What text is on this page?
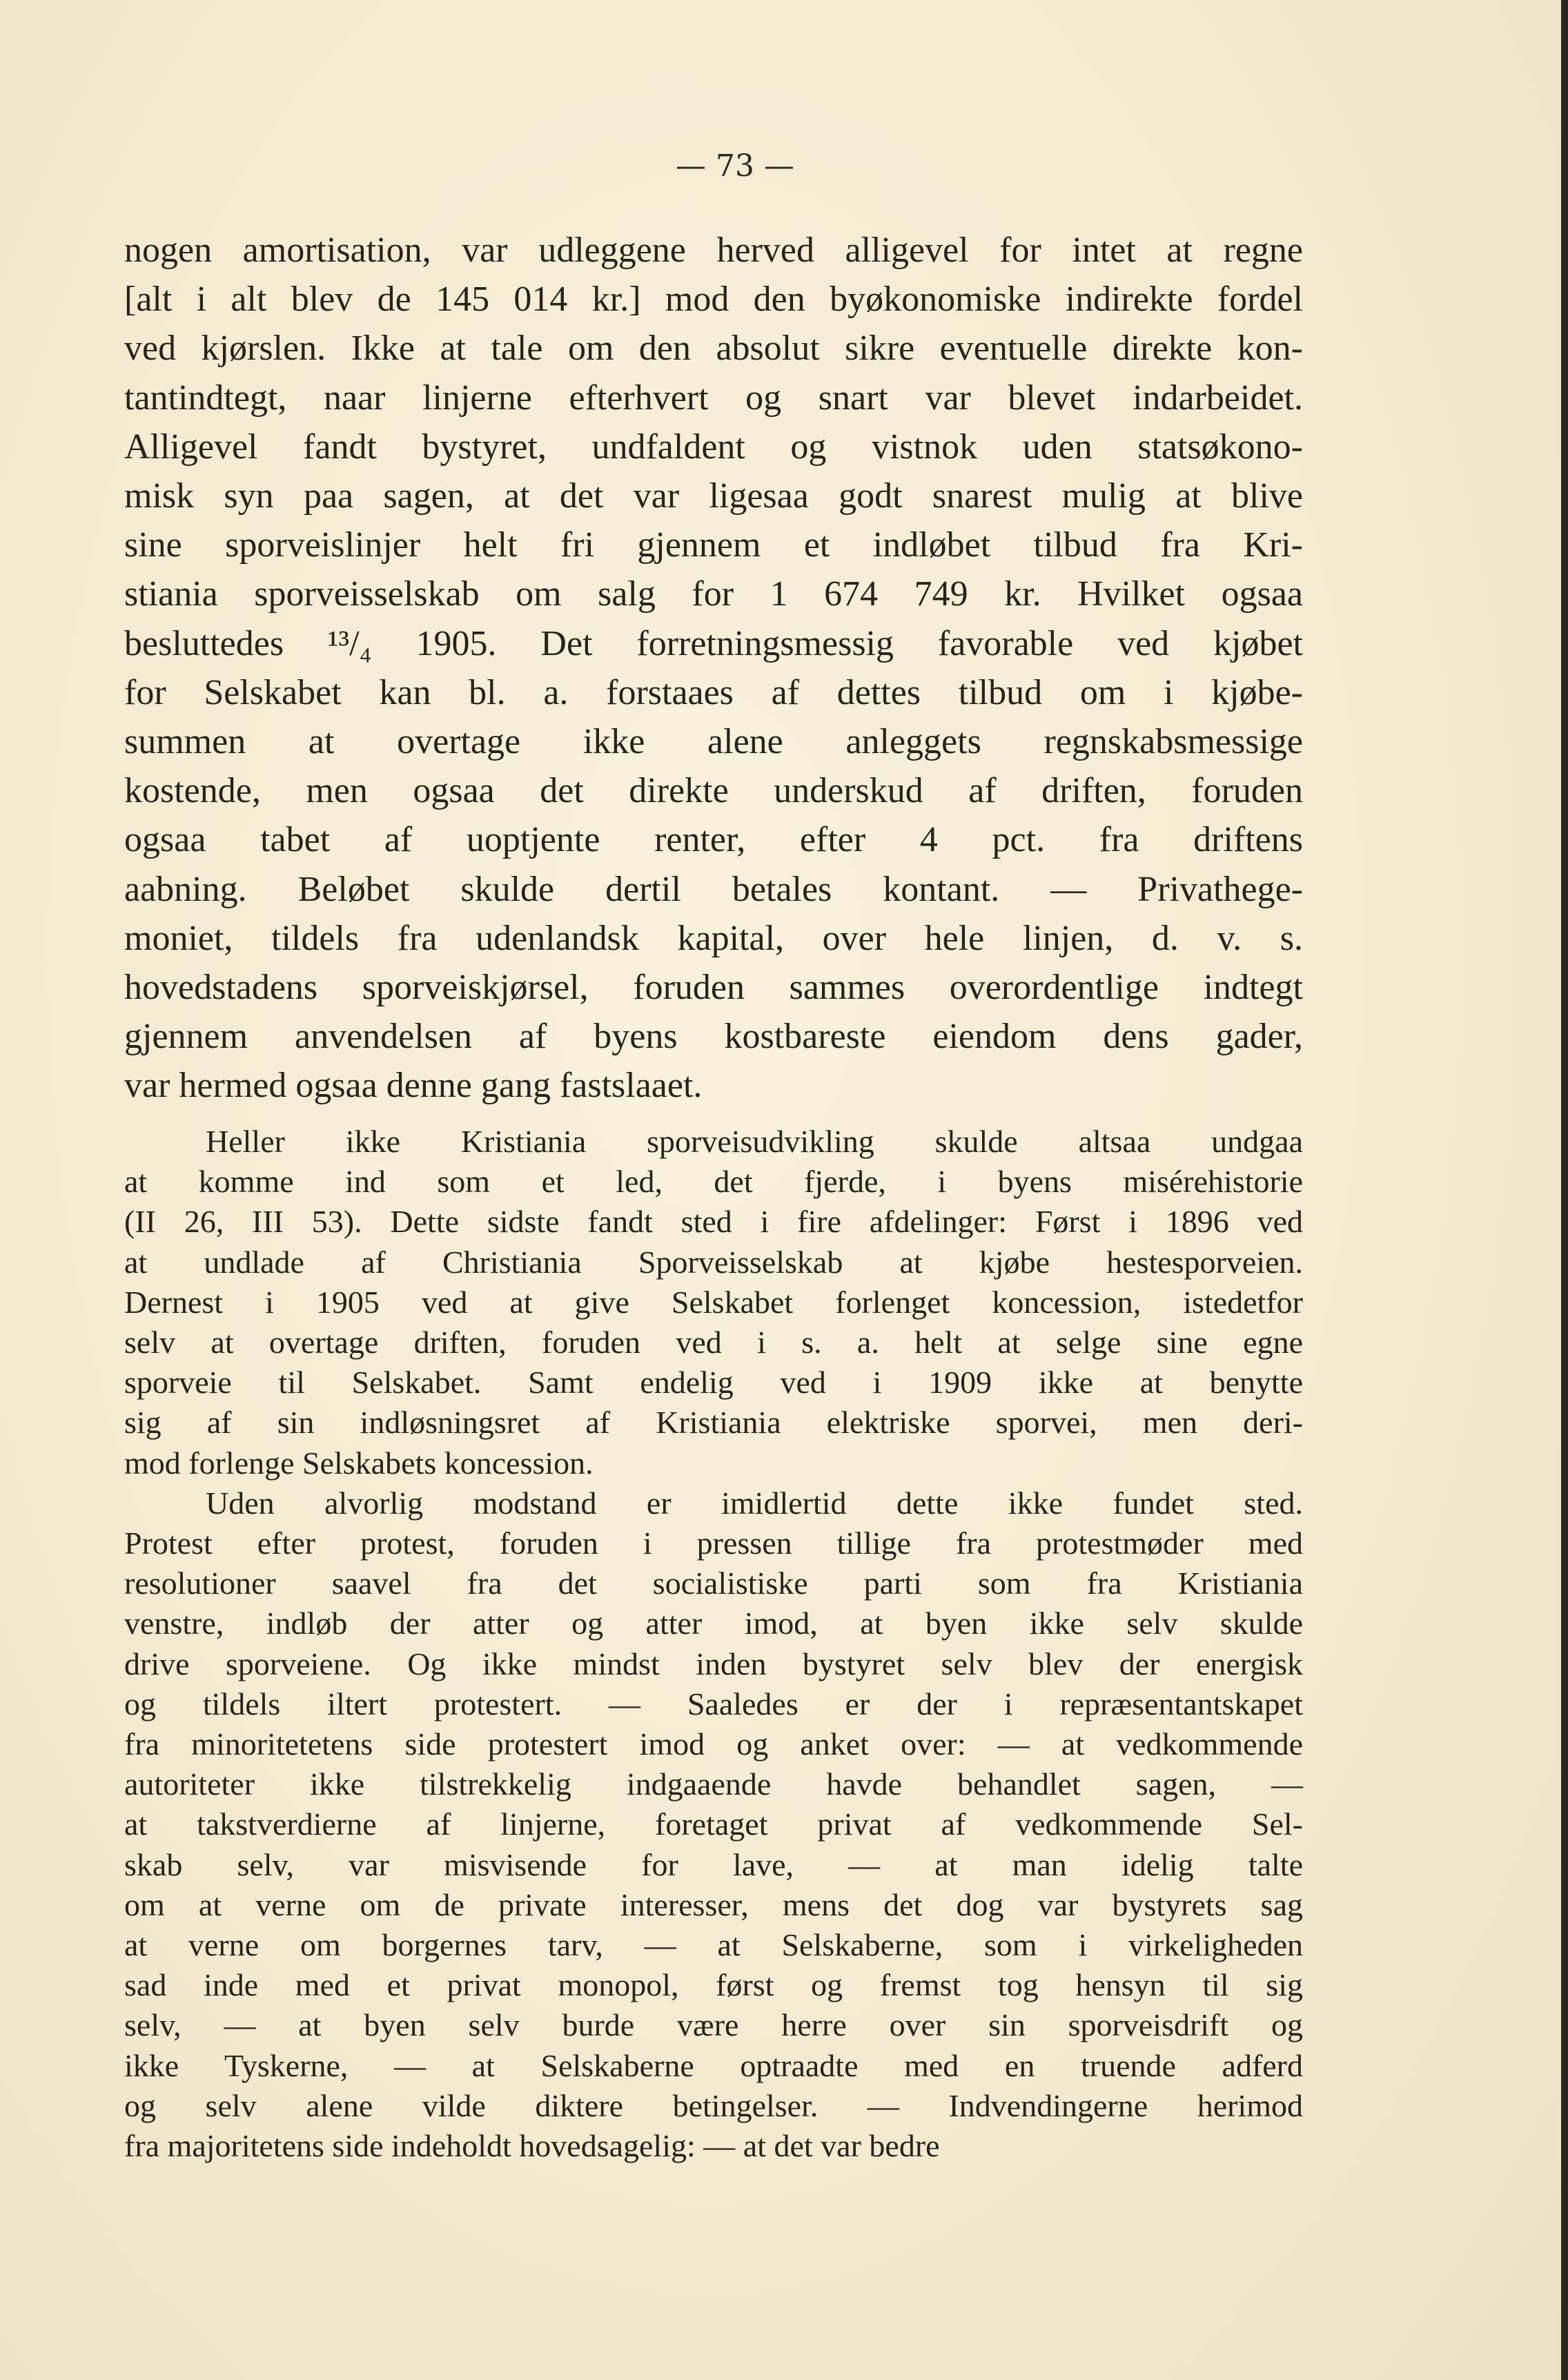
— 73 —
nogen amortisation, var udleggene herved alligevel for intet at regne
[alt i alt blev de 145 014 kr.] mod den byøkonomiske indirekte fordel
ved kjørslen. Ikke at tale om den absolut sikre eventuelle direkte kon-
tantindtegt, naar linjerne efterhvert og snart var blevet indarbeidet.
Alligevel fandt bystyret, undfaldent og vistnok uden statsøkono-
misk syn paa sagen, at det var ligesaa godt snarest mulig at blive
sine sporveislinjer helt fri gjennem et indløbet tilbud fra Kri-
stiania sporveisselskab om salg for 1 674 749 kr. Hvilket ogsaa
besluttedes ¹³/₄ 1905. Det forretningsmessig favorable ved kjøbet
for Selskabet kan bl. a. forstaaes af dettes tilbud om i kjøbe-
summen at overtage ikke alene anleggets regnskabsmessige
kostende, men ogsaa det direkte underskud af driften, foruden
ogsaa tabet af uoptjente renter, efter 4 pct. fra driftens
aabning. Beløbet skulde dertil betales kontant. — Privathege-
moniet, tildels fra udenlandsk kapital, over hele linjen, d. v. s.
hovedstadens sporveiskjørsel, foruden sammes overordentlige indtegt
gjennem anvendelsen af byens kostbareste eiendom dens gader,
var hermed ogsaa denne gang fastslaaet.
Heller ikke Kristiania sporveisudvikling skulde altsaa undgaa
at komme ind som et led, det fjerde, i byens misérehistorie
(II 26, III 53). Dette sidste fandt sted i fire afdelinger: Først i 1896 ved
at undlade af Christiania Sporveisselskab at kjøbe hestesporveien.
Dernest i 1905 ved at give Selskabet forlenget koncession, istedetfor
selv at overtage driften, foruden ved i s. a. helt at selge sine egne
sporveie til Selskabet. Samt endelig ved i 1909 ikke at benytte
sig af sin indløsningsret af Kristiania elektriske sporvei, men deri-
mod forlenge Selskabets koncession.
Uden alvorlig modstand er imidlertid dette ikke fundet sted.
Protest efter protest, foruden i pressen tillige fra protestmøder med
resolutioner saavel fra det socialistiske parti som fra Kristiania
venstre, indløb der atter og atter imod, at byen ikke selv skulde
drive sporveiene. Og ikke mindst inden bystyret selv blev der energisk
og tildels iltert protestert. — Saaledes er der i repræsentantskapet
fra minoritetetens side protestert imod og anket over: — at vedkommende
autoriteter ikke tilstrekkelig indgaaende havde behandlet sagen, —
at takstverdierne af linjerne, foretaget privat af vedkommende Sel-
skab selv, var misvisende for lave, — at man idelig talte
om at verne om de private interesser, mens det dog var bystyrets sag
at verne om borgernes tarv, — at Selskaberne, som i virkeligheden
sad inde med et privat monopol, først og fremst tog hensyn til sig
selv, — at byen selv burde være herre over sin sporveisdrift og
ikke Tyskerne, — at Selskaberne optraadte med en truende adferd
og selv alene vilde diktere betingelser. — Indvendingerne herimod
fra majoritetens side indeholdt hovedsagelig: — at det var bedre
